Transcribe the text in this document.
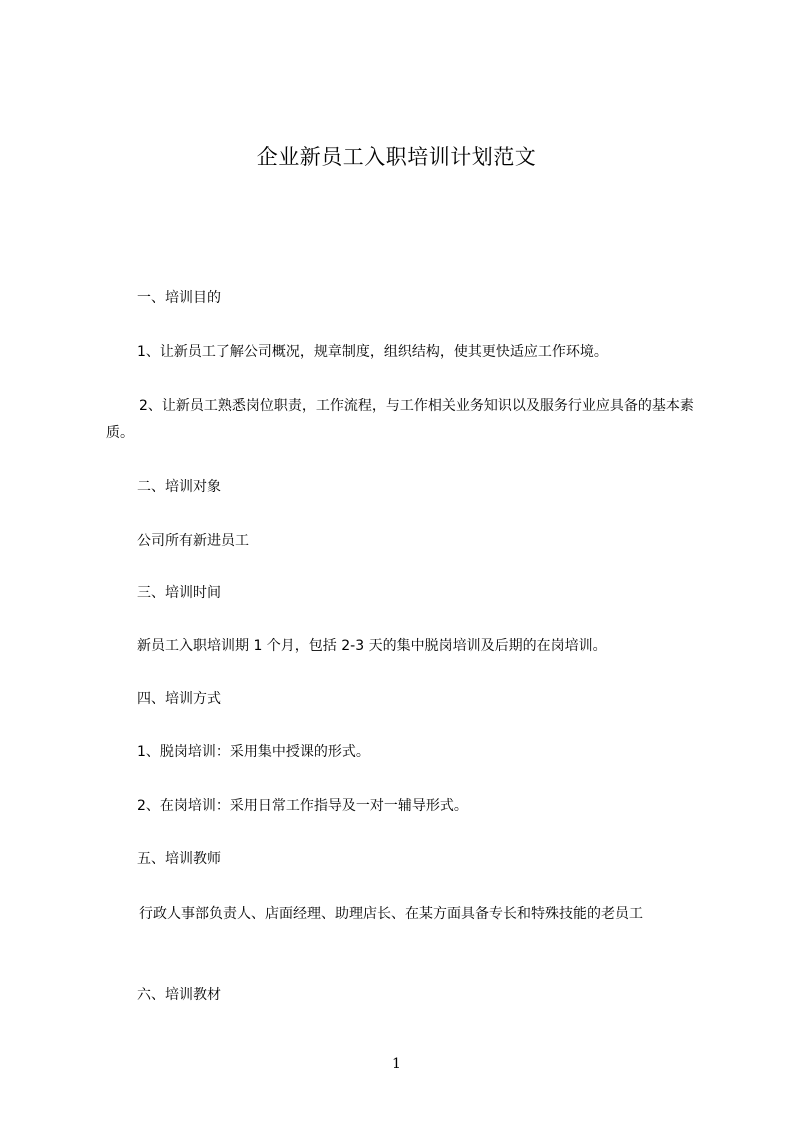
企业新员工入职培训计划范文

一、培训目的

1、让新员工了解公司概况，规章制度，组织结构，使其更快适应工作环境。

2、让新员工熟悉岗位职责，工作流程，与工作相关业务知识以及服务行业应具备的基本素质。

二、培训对象

公司所有新进员工

三、培训时间

新员工入职培训期 1 个月，包括 2-3 天的集中脱岗培训及后期的在岗培训。

四、培训方式

1、脱岗培训：采用集中授课的形式。

2、在岗培训：采用日常工作指导及一对一辅导形式。

五、培训教师

行政人事部负责人、店面经理、助理店长、在某方面具备专长和特殊技能的老员工

六、培训教材

1
